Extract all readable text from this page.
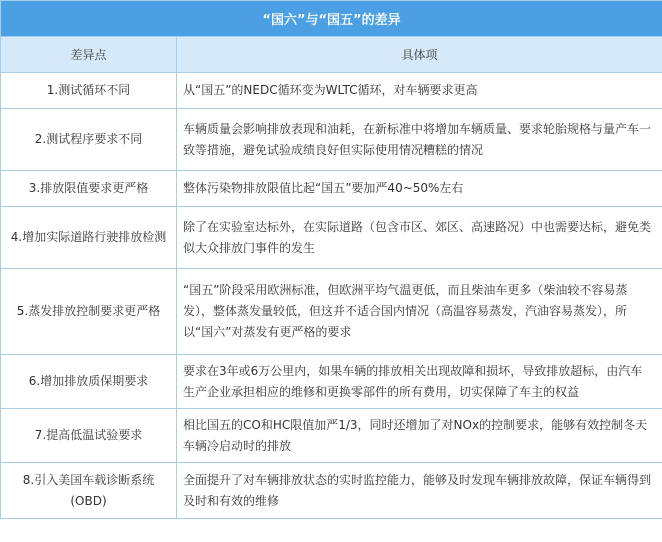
“国六”与“国五”的差异	
差异点	具体项
1.测试循环不同	从“国五”的NEDC循环变为WLTC循环，对车辆要求更高
2.测试程序要求不同	车辆质量会影响排放表现和油耗，在新标准中将增加车辆质量、要求轮胎规格与量产车一致等措施，避免试验成绩良好但实际使用情况糟糕的情况
3.排放限值要求更严格	整体污染物排放限值比起“国五”要加严40~50%左右
4.增加实际道路行驶排放检测	除了在实验室达标外，在实际道路（包含市区、郊区、高速路况）中也需要达标，避免类似大众排放门事件的发生
5.蒸发排放控制要求更严格	“国五”阶段采用欧洲标准，但欧洲平均气温更低，而且柴油车更多（柴油较不容易蒸发），整体蒸发量较低，但这并不适合国内情况（高温容易蒸发，汽油容易蒸发），所以“国六”对蒸发有更严格的要求
6.增加排放质保期要求	要求在3年或6万公里内，如果车辆的排放相关出现故障和损坏，导致排放超标，由汽车生产企业承担相应的维修和更换零部件的所有费用，切实保障了车主的权益
7.提高低温试验要求	相比国五的CO和HC限值加严1/3，同时还增加了对NOx的控制要求，能够有效控制冬天车辆冷启动时的排放
8.引入美国车载诊断系统(OBD)	全面提升了对车辆排放状态的实时监控能力，能够及时发现车辆排放故障，保证车辆得到及时和有效的维修
